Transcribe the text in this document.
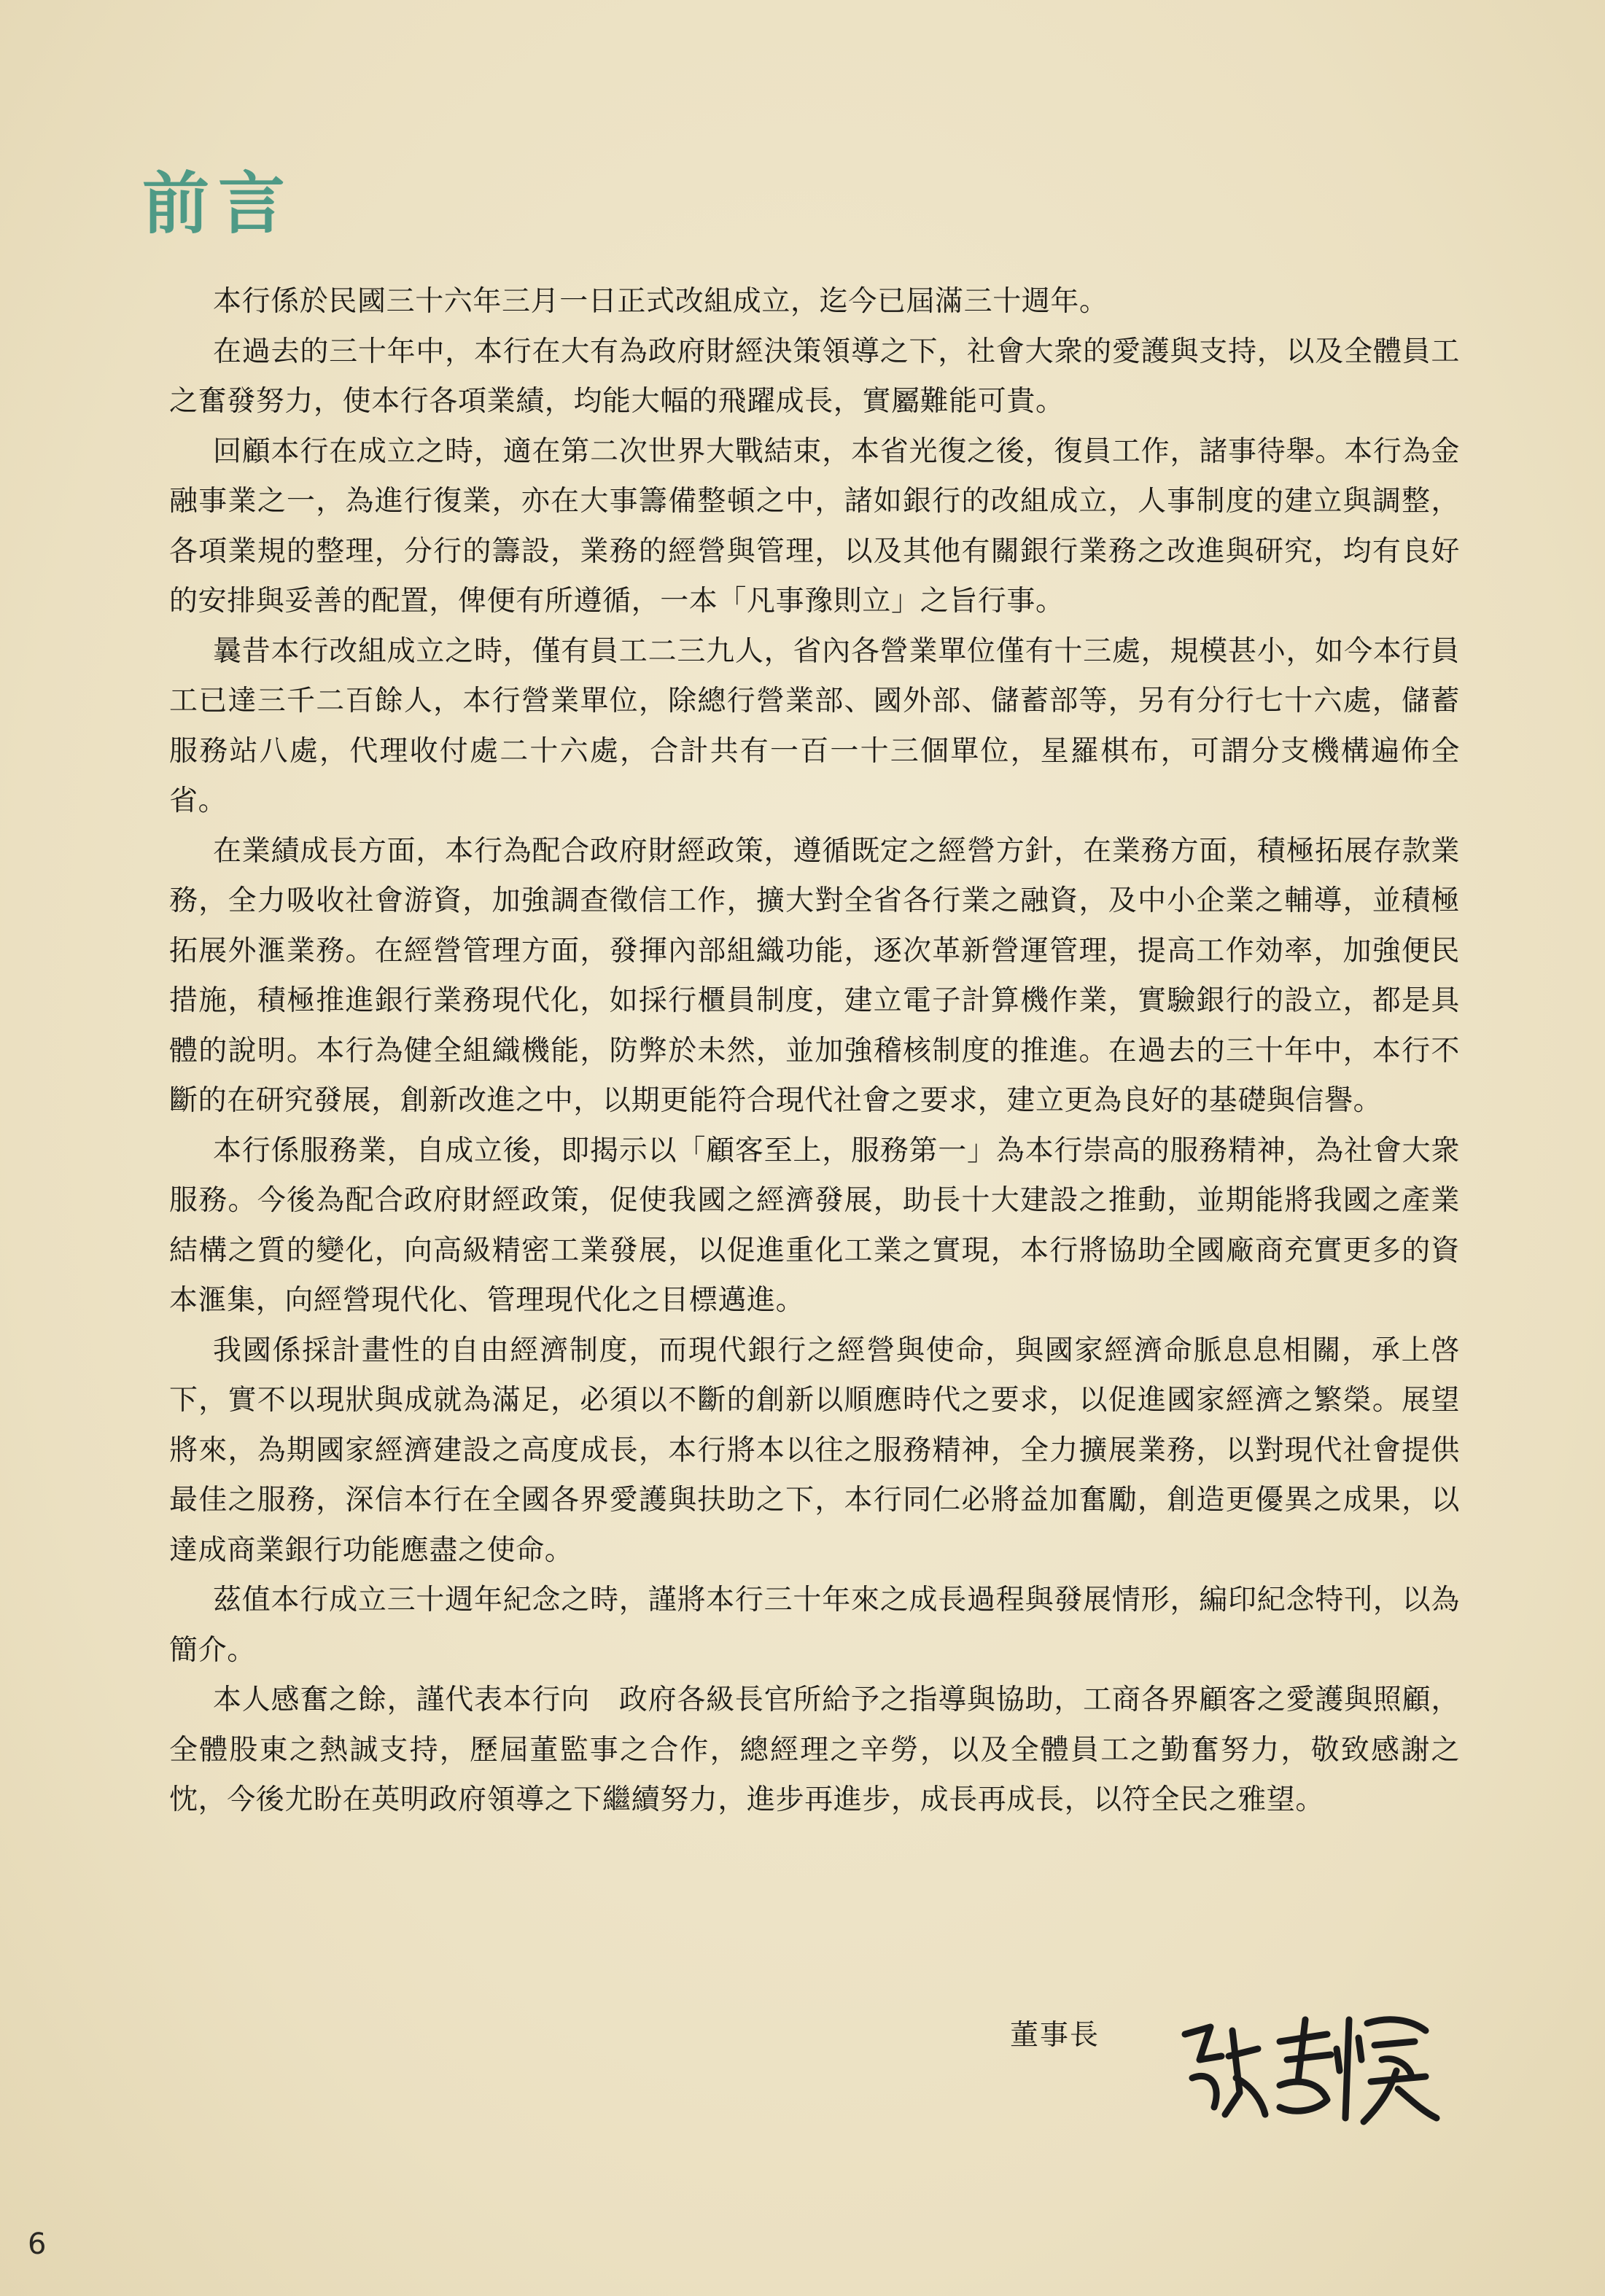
前言

本行係於民國三十六年三月一日正式改組成立，迄今已屆滿三十週年。

在過去的三十年中，本行在大有為政府財經決策領導之下，社會大衆的愛護與支持，以及全體員工之奮發努力，使本行各項業績，均能大幅的飛躍成長，實屬難能可貴。

回顧本行在成立之時，適在第二次世界大戰結束，本省光復之後，復員工作，諸事待舉。本行為金融事業之一，為進行復業，亦在大事籌備整頓之中，諸如銀行的改組成立，人事制度的建立與調整，各項業規的整理，分行的籌設，業務的經營與管理，以及其他有關銀行業務之改進與研究，均有良好的安排與妥善的配置，俾便有所遵循，一本「凡事豫則立」之旨行事。

曩昔本行改組成立之時，僅有員工二三九人，省內各營業單位僅有十三處，規模甚小，如今本行員工已達三千二百餘人，本行營業單位，除總行營業部、國外部、儲蓄部等，另有分行七十六處，儲蓄服務站八處，代理收付處二十六處，合計共有一百一十三個單位，星羅棋布，可謂分支機構遍佈全省。

在業績成長方面，本行為配合政府財經政策，遵循既定之經營方針，在業務方面，積極拓展存款業務，全力吸收社會游資，加強調查徵信工作，擴大對全省各行業之融資，及中小企業之輔導，並積極拓展外滙業務。在經營管理方面，發揮內部組織功能，逐次革新營運管理，提高工作効率，加強便民措施，積極推進銀行業務現代化，如採行櫃員制度，建立電子計算機作業，實驗銀行的設立，都是具體的說明。本行為健全組織機能，防弊於未然，並加強稽核制度的推進。在過去的三十年中，本行不斷的在研究發展，創新改進之中，以期更能符合現代社會之要求，建立更為良好的基礎與信譽。

本行係服務業，自成立後，即揭示以「顧客至上，服務第一」為本行崇高的服務精神，為社會大衆服務。今後為配合政府財經政策，促使我國之經濟發展，助長十大建設之推動，並期能將我國之產業結構之質的變化，向高級精密工業發展，以促進重化工業之實現，本行將協助全國廠商充實更多的資本滙集，向經營現代化、管理現代化之目標邁進。

我國係採計畫性的自由經濟制度，而現代銀行之經營與使命，與國家經濟命脈息息相關，承上啓下，實不以現狀與成就為滿足，必須以不斷的創新以順應時代之要求，以促進國家經濟之繁榮。展望將來，為期國家經濟建設之高度成長，本行將本以往之服務精神，全力擴展業務，以對現代社會提供最佳之服務，深信本行在全國各界愛護與扶助之下，本行同仁必將益加奮勵，創造更優異之成果，以達成商業銀行功能應盡之使命。

茲值本行成立三十週年紀念之時，謹將本行三十年來之成長過程與發展情形，編印紀念特刊，以為簡介。

本人感奮之餘，謹代表本行向　政府各級長官所給予之指導與協助，工商各界顧客之愛護與照顧，全體股東之熱誠支持，歷屆董監事之合作，總經理之辛勞，以及全體員工之勤奮努力，敬致感謝之忱，今後尤盼在英明政府領導之下繼續努力，進步再進步，成長再成長，以符全民之雅望。

董事長
6
